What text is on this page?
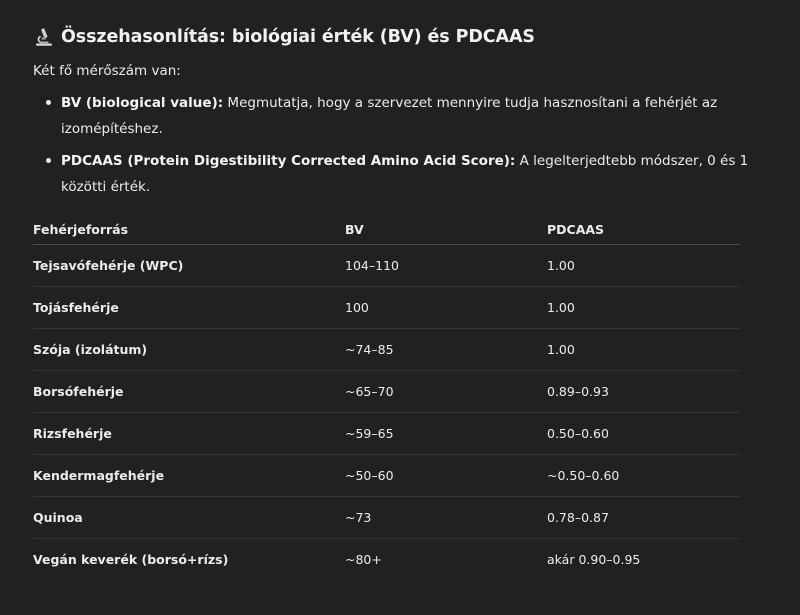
Összehasonlítás: biológiai érték (BV) és PDCAAS

Két fő mérőszám van:

BV (biological value): Megmutatja, hogy a szervezet mennyire tudja hasznosítani a fehérjét az izomépítéshez.
PDCAAS (Protein Digestibility Corrected Amino Acid Score): A legelterjedtebb módszer, 0 és 1 közötti érték.
Fehérjeforrás	BV	PDCAAS
Tejsavófehérje (WPC)	104–110	1.00
Tojásfehérje	100	1.00
Szója (izolátum)	~74–85	1.00
Borsófehérje	~65–70	0.89–0.93
Rizsfehérje	~59–65	0.50–0.60
Kendermagfehérje	~50–60	~0.50–0.60
Quinoa	~73	0.78–0.87
Vegán keverék (borsó+rízs)	~80+	akár 0.90–0.95
